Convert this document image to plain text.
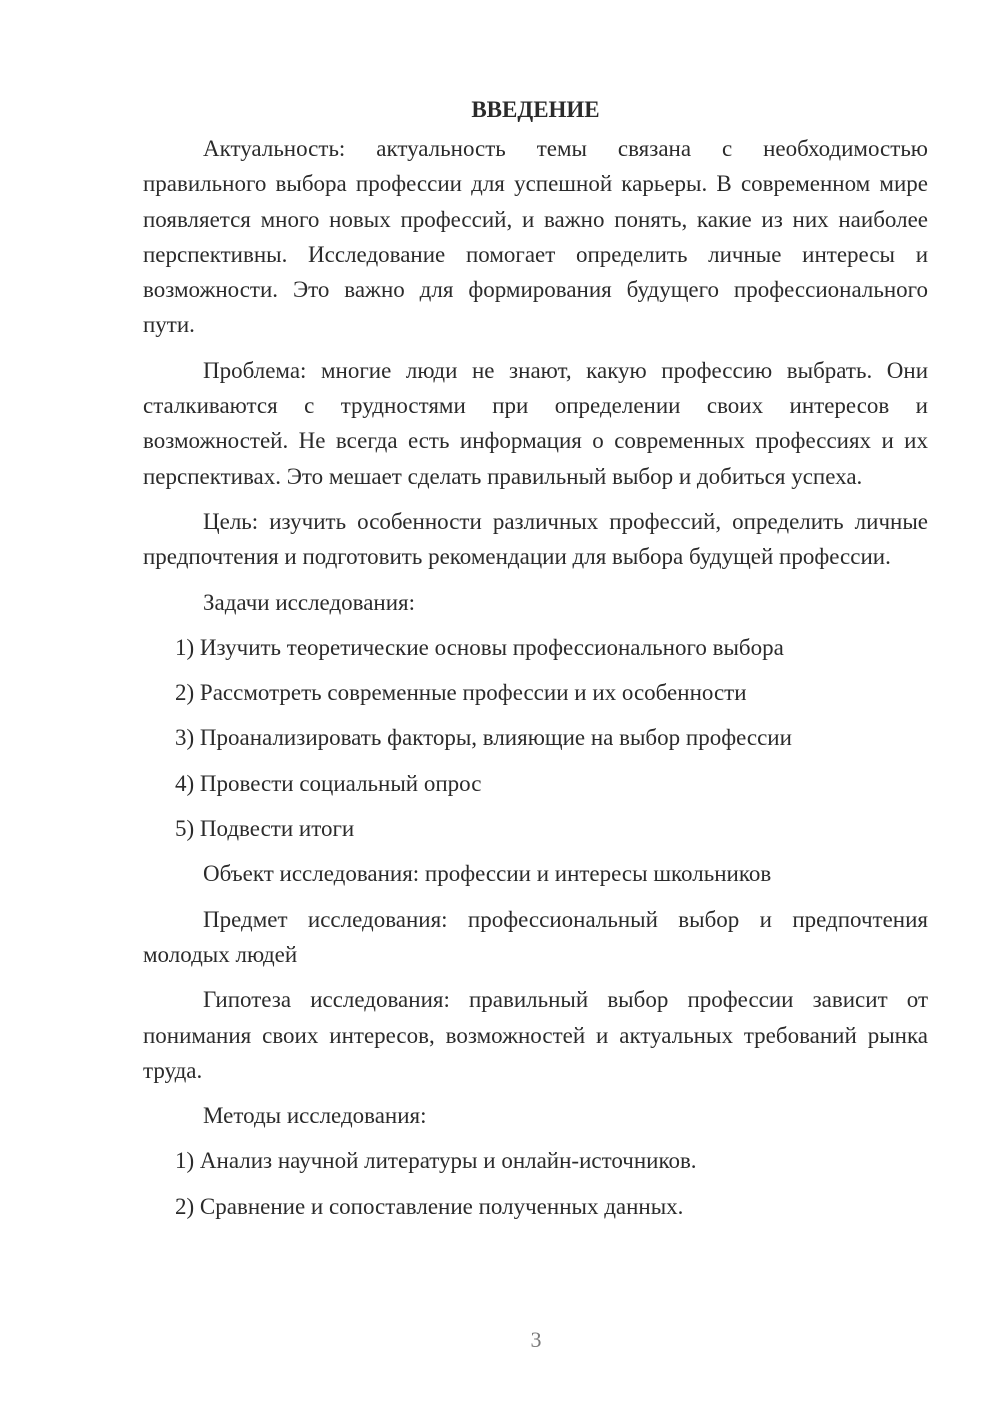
ВВЕДЕНИЕ
Актуальность: актуальность темы связана с необходимостью правильного выбора профессии для успешной карьеры. В современном мире появляется много новых профессий, и важно понять, какие из них наиболее перспективны. Исследование помогает определить личные интересы и возможности. Это важно для формирования будущего профессионального пути.
Проблема: многие люди не знают, какую профессию выбрать. Они сталкиваются с трудностями при определении своих интересов и возможностей. Не всегда есть информация о современных профессиях и их перспективах. Это мешает сделать правильный выбор и добиться успеха.
Цель: изучить особенности различных профессий, определить личные предпочтения и подготовить рекомендации для выбора будущей профессии.
Задачи исследования:
1) Изучить теоретические основы профессионального выбора
2) Рассмотреть современные профессии и их особенности
3) Проанализировать факторы, влияющие на выбор профессии
4) Провести социальный опрос
5) Подвести итоги
Объект исследования: профессии и интересы школьников
Предмет исследования: профессиональный выбор и предпочтения молодых людей
Гипотеза исследования: правильный выбор профессии зависит от понимания своих интересов, возможностей и актуальных требований рынка труда.
Методы исследования:
1) Анализ научной литературы и онлайн-источников.
2) Сравнение и сопоставление полученных данных.
3
